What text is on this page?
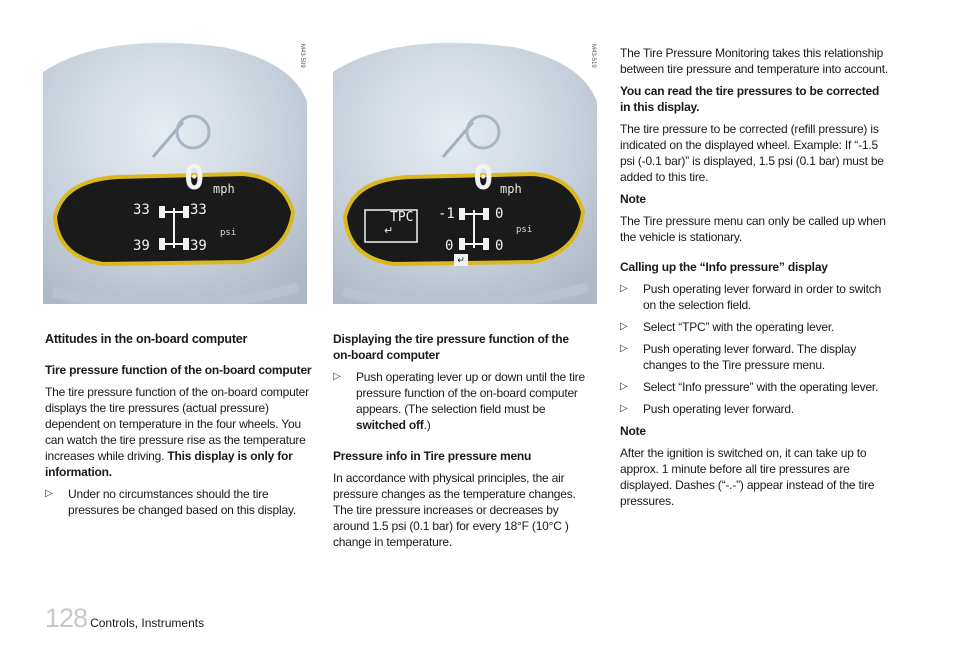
M43-599
0 mph
psi
33	33
39	39
M43-519
0 mph
psi
TPC
↵
-1	0
0	0
↵

Attitudes in the on-board computer

Tire pressure function of the on-board computer

The tire pressure function of the on-board computer displays the tire pressures (actual pressure) dependent on temperature in the four wheels. You can watch the tire pressure rise as the temperature increases while driving. This display is only for information.

▷	Under no circumstances should the tire pressures be changed based on this display.

Displaying the tire pressure function of the on-board computer

▷	Push operating lever up or down until the tire pressure function of the on-board computer appears. (The selection field must be switched off.)

Pressure info in Tire pressure menu

In accordance with physical principles, the air pressure changes as the temperature changes. The tire pressure increases or decreases by around 1.5 psi (0.1 bar) for every 18°F (10°C ) change in temperature.

The Tire Pressure Monitoring takes this relationship between tire pressure and temperature into account.

You can read the tire pressures to be corrected in this display.

The tire pressure to be corrected (refill pressure) is indicated on the displayed wheel. Example: If “-1.5 psi (-0.1 bar)” is displayed, 1.5 psi (0.1 bar) must be added to this tire.

Note

The Tire pressure menu can only be called up when the vehicle is stationary.

Calling up the “Info pressure” display

▷	Push operating lever forward in order to switch on the selection field.
▷	Select “TPC” with the operating lever.
▷	Push operating lever forward. The display changes to the Tire pressure menu.
▷	Select “Info pressure” with the operating lever.
▷	Push operating lever forward.

Note

After the ignition is switched on, it can take up to approx. 1 minute before all tire pressures are displayed. Dashes (“-.-”) appear instead of the tire pressures.

128 Controls, Instruments
